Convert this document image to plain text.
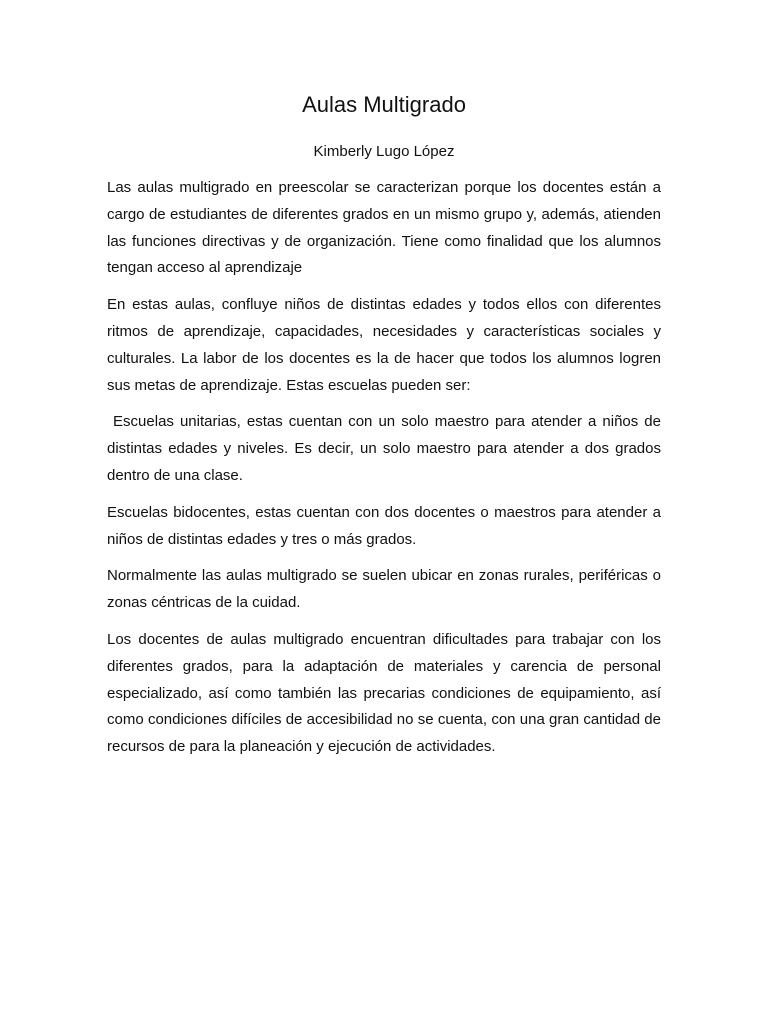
Aulas Multigrado

Kimberly Lugo López

Las aulas multigrado en preescolar se caracterizan porque los docentes están a cargo de estudiantes de diferentes grados en un mismo grupo y, además, atienden las funciones directivas y de organización. Tiene como finalidad que los alumnos tengan acceso al aprendizaje

En estas aulas, confluye niños de distintas edades y todos ellos con diferentes ritmos de aprendizaje, capacidades, necesidades y características sociales y culturales. La labor de los docentes es la de hacer que todos los alumnos logren sus metas de aprendizaje. Estas escuelas pueden ser:

Escuelas unitarias, estas cuentan con un solo maestro para atender a niños de distintas edades y niveles. Es decir, un solo maestro para atender a dos grados dentro de una clase.

Escuelas bidocentes, estas cuentan con dos docentes o maestros para atender a niños de distintas edades y tres o más grados.

Normalmente las aulas multigrado se suelen ubicar en zonas rurales, periféricas o zonas céntricas de la cuidad.

Los docentes de aulas multigrado encuentran dificultades para trabajar con los diferentes grados, para la adaptación de materiales y carencia de personal especializado, así como también las precarias condiciones de equipamiento, así como condiciones difíciles de accesibilidad no se cuenta, con una gran cantidad de recursos de para la planeación y ejecución de actividades.
